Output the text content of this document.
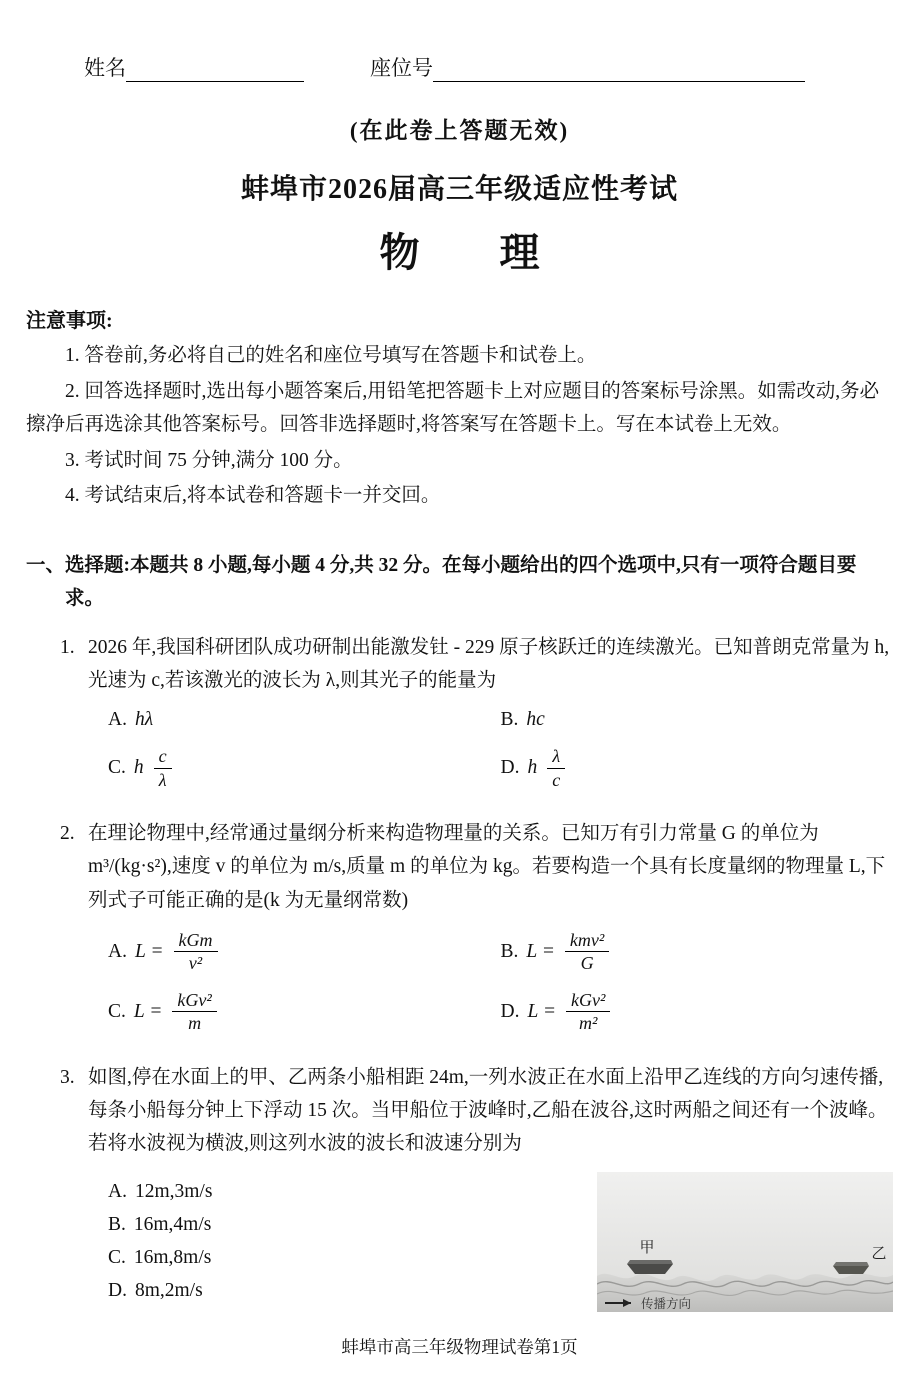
姓名	座位号
(在此卷上答题无效)
蚌埠市2026届高三年级适应性考试
物        理
注意事项:

1. 答卷前,务必将自己的姓名和座位号填写在答题卡和试卷上。

2. 回答选择题时,选出每小题答案后,用铅笔把答题卡上对应题目的答案标号涂黑。如需改动,务必擦净后再选涂其他答案标号。回答非选择题时,将答案写在答题卡上。写在本试卷上无效。

3. 考试时间 75 分钟,满分 100 分。

4. 考试结束后,将本试卷和答题卡一并交回。

一、选择题:本题共 8 小题,每小题 4 分,共 32 分。在每小题给出的四个选项中,只有一项符合题目要求。
1. 2026 年,我国科研团队成功研制出能激发钍 - 229 原子核跃迁的连续激光。已知普朗克常量为 h,光速为 c,若该激光的波长为 λ,则其光子的能量为
A. hλ	B. hc
C. h $\frac{c}{\lambda}$	D. h $\frac{\lambda}{c}$
2. 在理论物理中,经常通过量纲分析来构造物理量的关系。已知万有引力常量 G 的单位为 m³/(kg·s²),速度 v 的单位为 m/s,质量 m 的单位为 kg。若要构造一个具有长度量纲的物理量 L,下列式子可能正确的是(k 为无量纲常数)
A. $L = \frac{\text{kGm}}{\text{v²}}$	B. $L = \frac{\text{kmv²}}{G}$
C. $L = \frac{\text{kGv²}}{m}$	D. $L = \frac{\text{kGv²}}{\text{m²}}$
3. 如图,停在水面上的甲、乙两条小船相距 24m,一列水波正在水面上沿甲乙连线的方向匀速传播,每条小船每分钟上下浮动 15 次。当甲船位于波峰时,乙船在波谷,这时两船之间还有一个波峰。若将水波视为横波,则这列水波的波长和波速分别为
A. 12m,3m/s
B. 16m,4m/s
C. 16m,8m/s
D. 8m,2m/s
甲	乙
传播方向
蚌埠市高三年级物理试卷第1页
